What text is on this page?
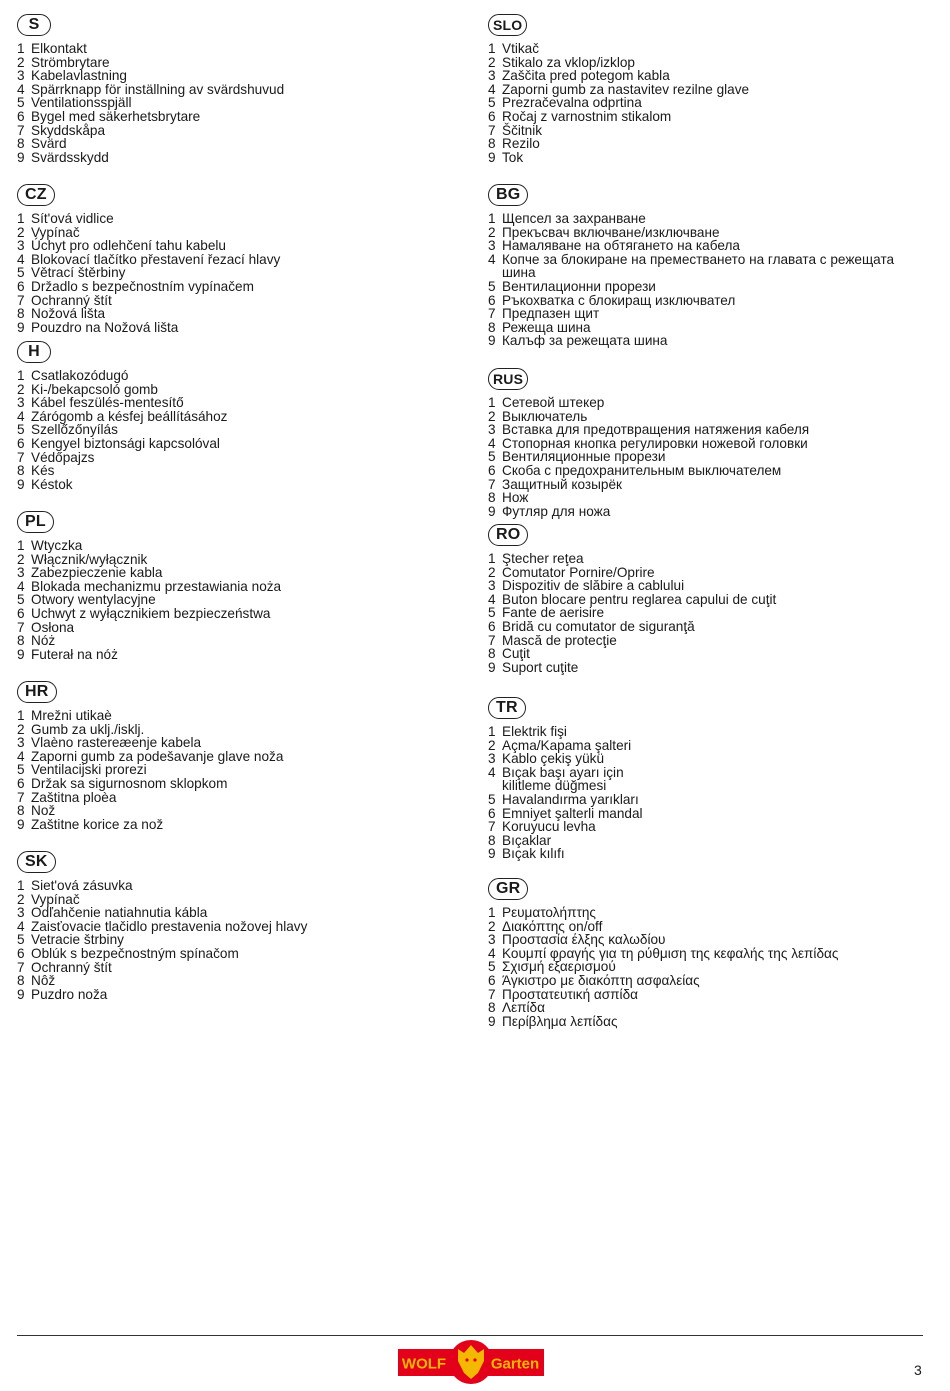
S
1 Elkontakt
2 Strömbrytare
3 Kabelavlastning
4 Spärrknapp för inställning av svärdshuvud
5 Ventilationsspjäll
6 Bygel med säkerhetsbrytare
7 Skyddskåpa
8 Svärd
9 Svärdsskydd
CZ
1 Sít'ová vidlice
2 Vypínač
3 Úchyt pro odlehčení tahu kabelu
4 Blokovací tlačítko přestavení řezací hlavy
5 Větrací štěrbiny
6 Držadlo s bezpečnostním vypínačem
7 Ochranný štít
8 Nožová lišta
9 Pouzdro na Nožová lišta
H
1 Csatlakozódugó
2 Ki-/bekapcsoló gomb
3 Kábel feszülés-mentesítő
4 Zárógomb a késfej beállításához
5 Szellőzőnyílás
6 Kengyel biztonsági kapcsolóval
7 Védőpajzs
8 Kés
9 Késtok
PL
1 Wtyczka
2 Włącznik/wyłącznik
3 Zabezpieczenie kabla
4 Blokada mechanizmu przestawiania noża
5 Otwory wentylacyjne
6 Uchwyt z wyłącznikiem bezpieczeństwa
7 Osłona
8 Nóż
9 Futerał na nóż
HR
1 Mrežni utikaè
2 Gumb za uklj./isklj.
3 Vlaèno rastereæenje kabela
4 Zaporni gumb za podešavanje glave noža
5 Ventilacijski prorezi
6 Držak sa sigurnosnom sklopkom
7 Zaštitna ploèa
8 Nož
9 Zaštitne korice za nož
SK
1 Siet'ová zásuvka
2 Vypínač
3 Odľahčenie natiahnutia kábla
4 Zaisťovacie tlačidlo prestavenia nožovej hlavy
5 Vetracie štrbiny
6 Oblúk s bezpečnostným spínačom
7 Ochranný štít
8 Nôž
9 Puzdro noža
SLO
1 Vtikač
2 Stikalo za vklop/izklop
3 Zaščita pred potegom kabla
4 Zaporni gumb za nastavitev rezilne glave
5 Prezračevalna odprtina
6 Ročaj z varnostnim stikalom
7 Ščitnik
8 Rezilo
9 Tok
BG
1 Щепсел за захранване
2 Прекъсвач включване/изключване
3 Намаляване на обтягането на кабела
4 Копче за блокиране на преместването на главата с режещата
шина
5 Вентилационни прорези
6 Ръкохватка с блокиращ изключвател
7 Предпазен щит
8 Режеща шина
9 Калъф за режещата шина
RUS
1 Сетевой штекер
2 Выключатель
3 Вставка для предотвращения натяжения кабеля
4 Стопорная кнопка регулировки ножевой головки
5 Вентиляционные прорези
6 Скоба с предохранительным выключателем
7 Защитный козырёк
8 Нож
9 Футляр для ножа
RO
1 Ştecher reţea
2 Comutator Pornire/Oprire
3 Dispozitiv de slăbire a cablului
4 Buton blocare pentru reglarea capului de cuţit
5 Fante de aerisire
6 Bridă cu comutator de siguranţă
7 Mască de protecţie
8 Cuţit
9 Suport cuţite
TR
1 Elektrik fişi
2 Açma/Kapama şalteri
3 Kablo çekiş yükü
4 Bıçak başı ayarı için
kilitleme düğmesi
5 Havalandırma yarıkları
6 Emniyet şalterli mandal
7 Koruyucu levha
8 Bıçaklar
9 Bıçak kılıfı
GR
1 Ρευματολήπτης
2 Διακόπτης on/off
3 Προστασία έλξης καλωδίου
4 Κουμπί φραγής για τη ρύθμιση της κεφαλής της λεπίδας
5 Σχισμή εξαερισμού
6 Άγκιστρο με διακόπτη ασφαλείας
7 Προστατευτική ασπίδα
8 Λεπίδα
9 Περίβλημα λεπίδας
WOLF	Garten	3
